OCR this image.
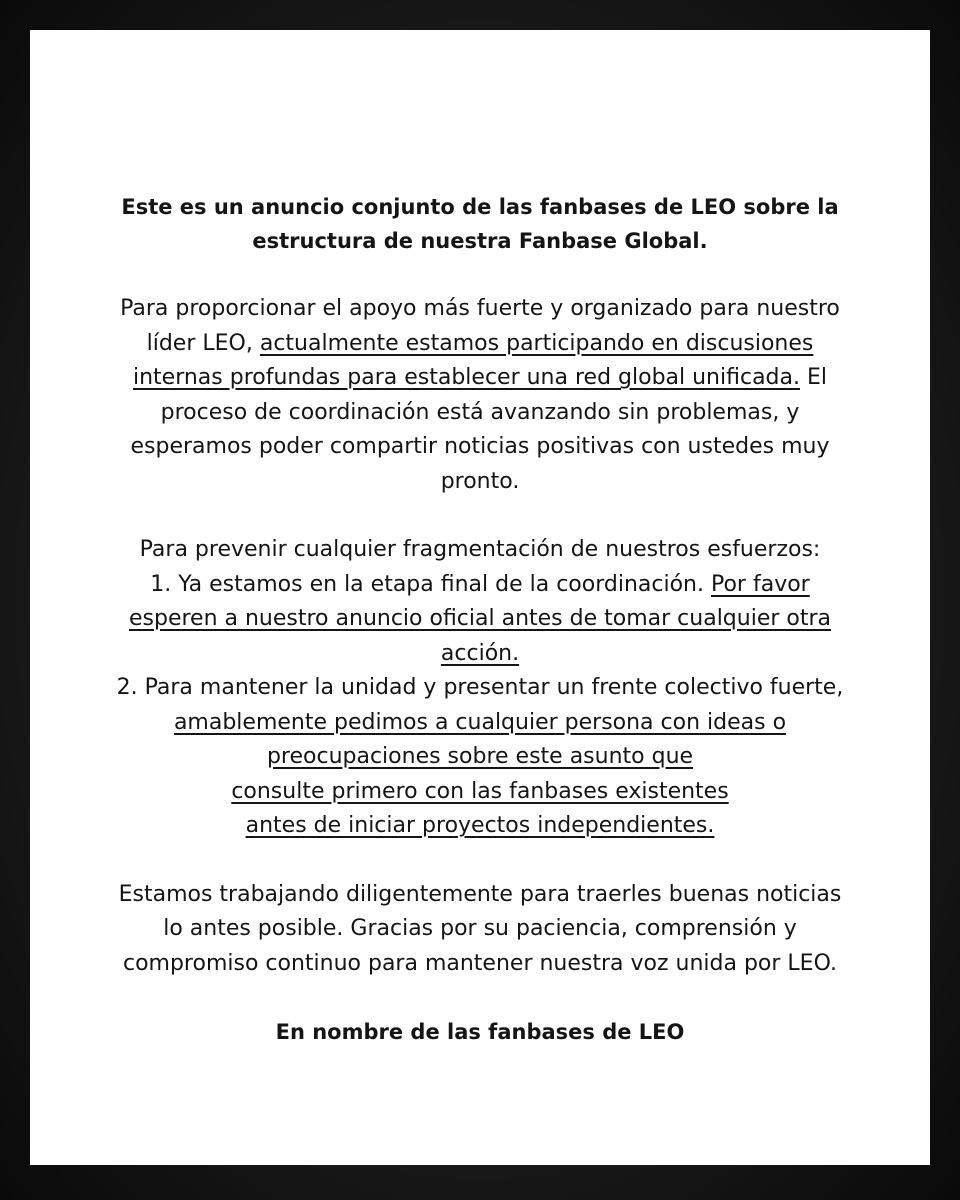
Este es un anuncio conjunto de las fanbases de LEO sobre la
estructura de nuestra Fanbase Global.

Para proporcionar el apoyo más fuerte y organizado para nuestro
líder LEO, actualmente estamos participando en discusiones
internas profundas para establecer una red global unificada. El
proceso de coordinación está avanzando sin problemas, y
esperamos poder compartir noticias positivas con ustedes muy
pronto.

Para prevenir cualquier fragmentación de nuestros esfuerzos:
1. Ya estamos en la etapa final de la coordinación. Por favor
esperen a nuestro anuncio oficial antes de tomar cualquier otra
acción.
2. Para mantener la unidad y presentar un frente colectivo fuerte,
amablemente pedimos a cualquier persona con ideas o
preocupaciones sobre este asunto que
consulte primero con las fanbases existentes
antes de iniciar proyectos independientes.

Estamos trabajando diligentemente para traerles buenas noticias
lo antes posible. Gracias por su paciencia, comprensión y
compromiso continuo para mantener nuestra voz unida por LEO.

En nombre de las fanbases de LEO
